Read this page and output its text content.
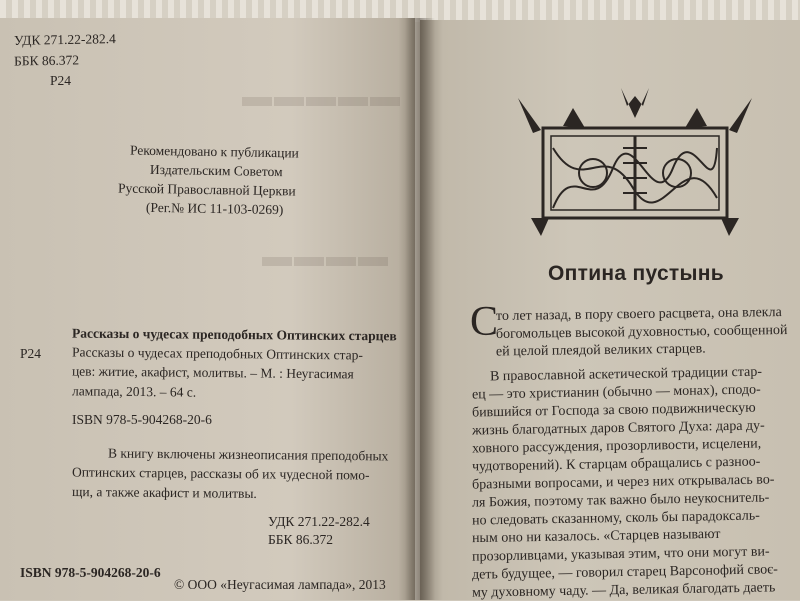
▬▬▬▬▬
▬▬▬▬
УДК 271.22-282.4
ББК 86.372
Р24
Рекомендовано к публикации
Издательским Советом
Русской Православной Церкви
(Рег.№ ИС 11-103-0269)
Рассказы о чудесах преподобных Оптинских старцев
Р24 Рассказы о чудесах преподобных Оптинских стар-
цев: житие, акафист, молитвы. – М. : Неугасимая
лампада, 2013. – 64 с.
ISBN 978-5-904268-20-6
В книгу включены жизнеописания преподобных
Оптинских старцев, рассказы об их чудесной помо-
щи, а также акафист и молитвы.
УДК 271.22-282.4
ББК 86.372
ISBN 978-5-904268-20-6
© ООО «Неугасимая лампада», 2013
Оптина пустынь
С
то лет назад, в пору своего расцвета, она влекла
богомольцев высокой духовностью, сообщенной
ей целой плеядой великих старцев.
В православной аскетической традиции стар-
ец — это христианин (обычно — монах), сподо-
бившийся от Господа за свою подвижническую
жизнь благодатных даров Святого Духа: дара ду-
ховного рассуждения, прозорливости, исцелени,
чудотворений). К старцам обращались с разноо-
бразными вопросами, и через них открывалась во-
ля Божия, поэтому так важно было неукоснитель-
но следовать сказанному, сколь бы парадоксаль-
ным оно ни казалось. «Старцев называют
прозорливцами, указывая этим, что они могут ви-
деть будущее, — говорил старец Варсонофий своє-
му духовному чаду. — Да, великая благодать даеть
